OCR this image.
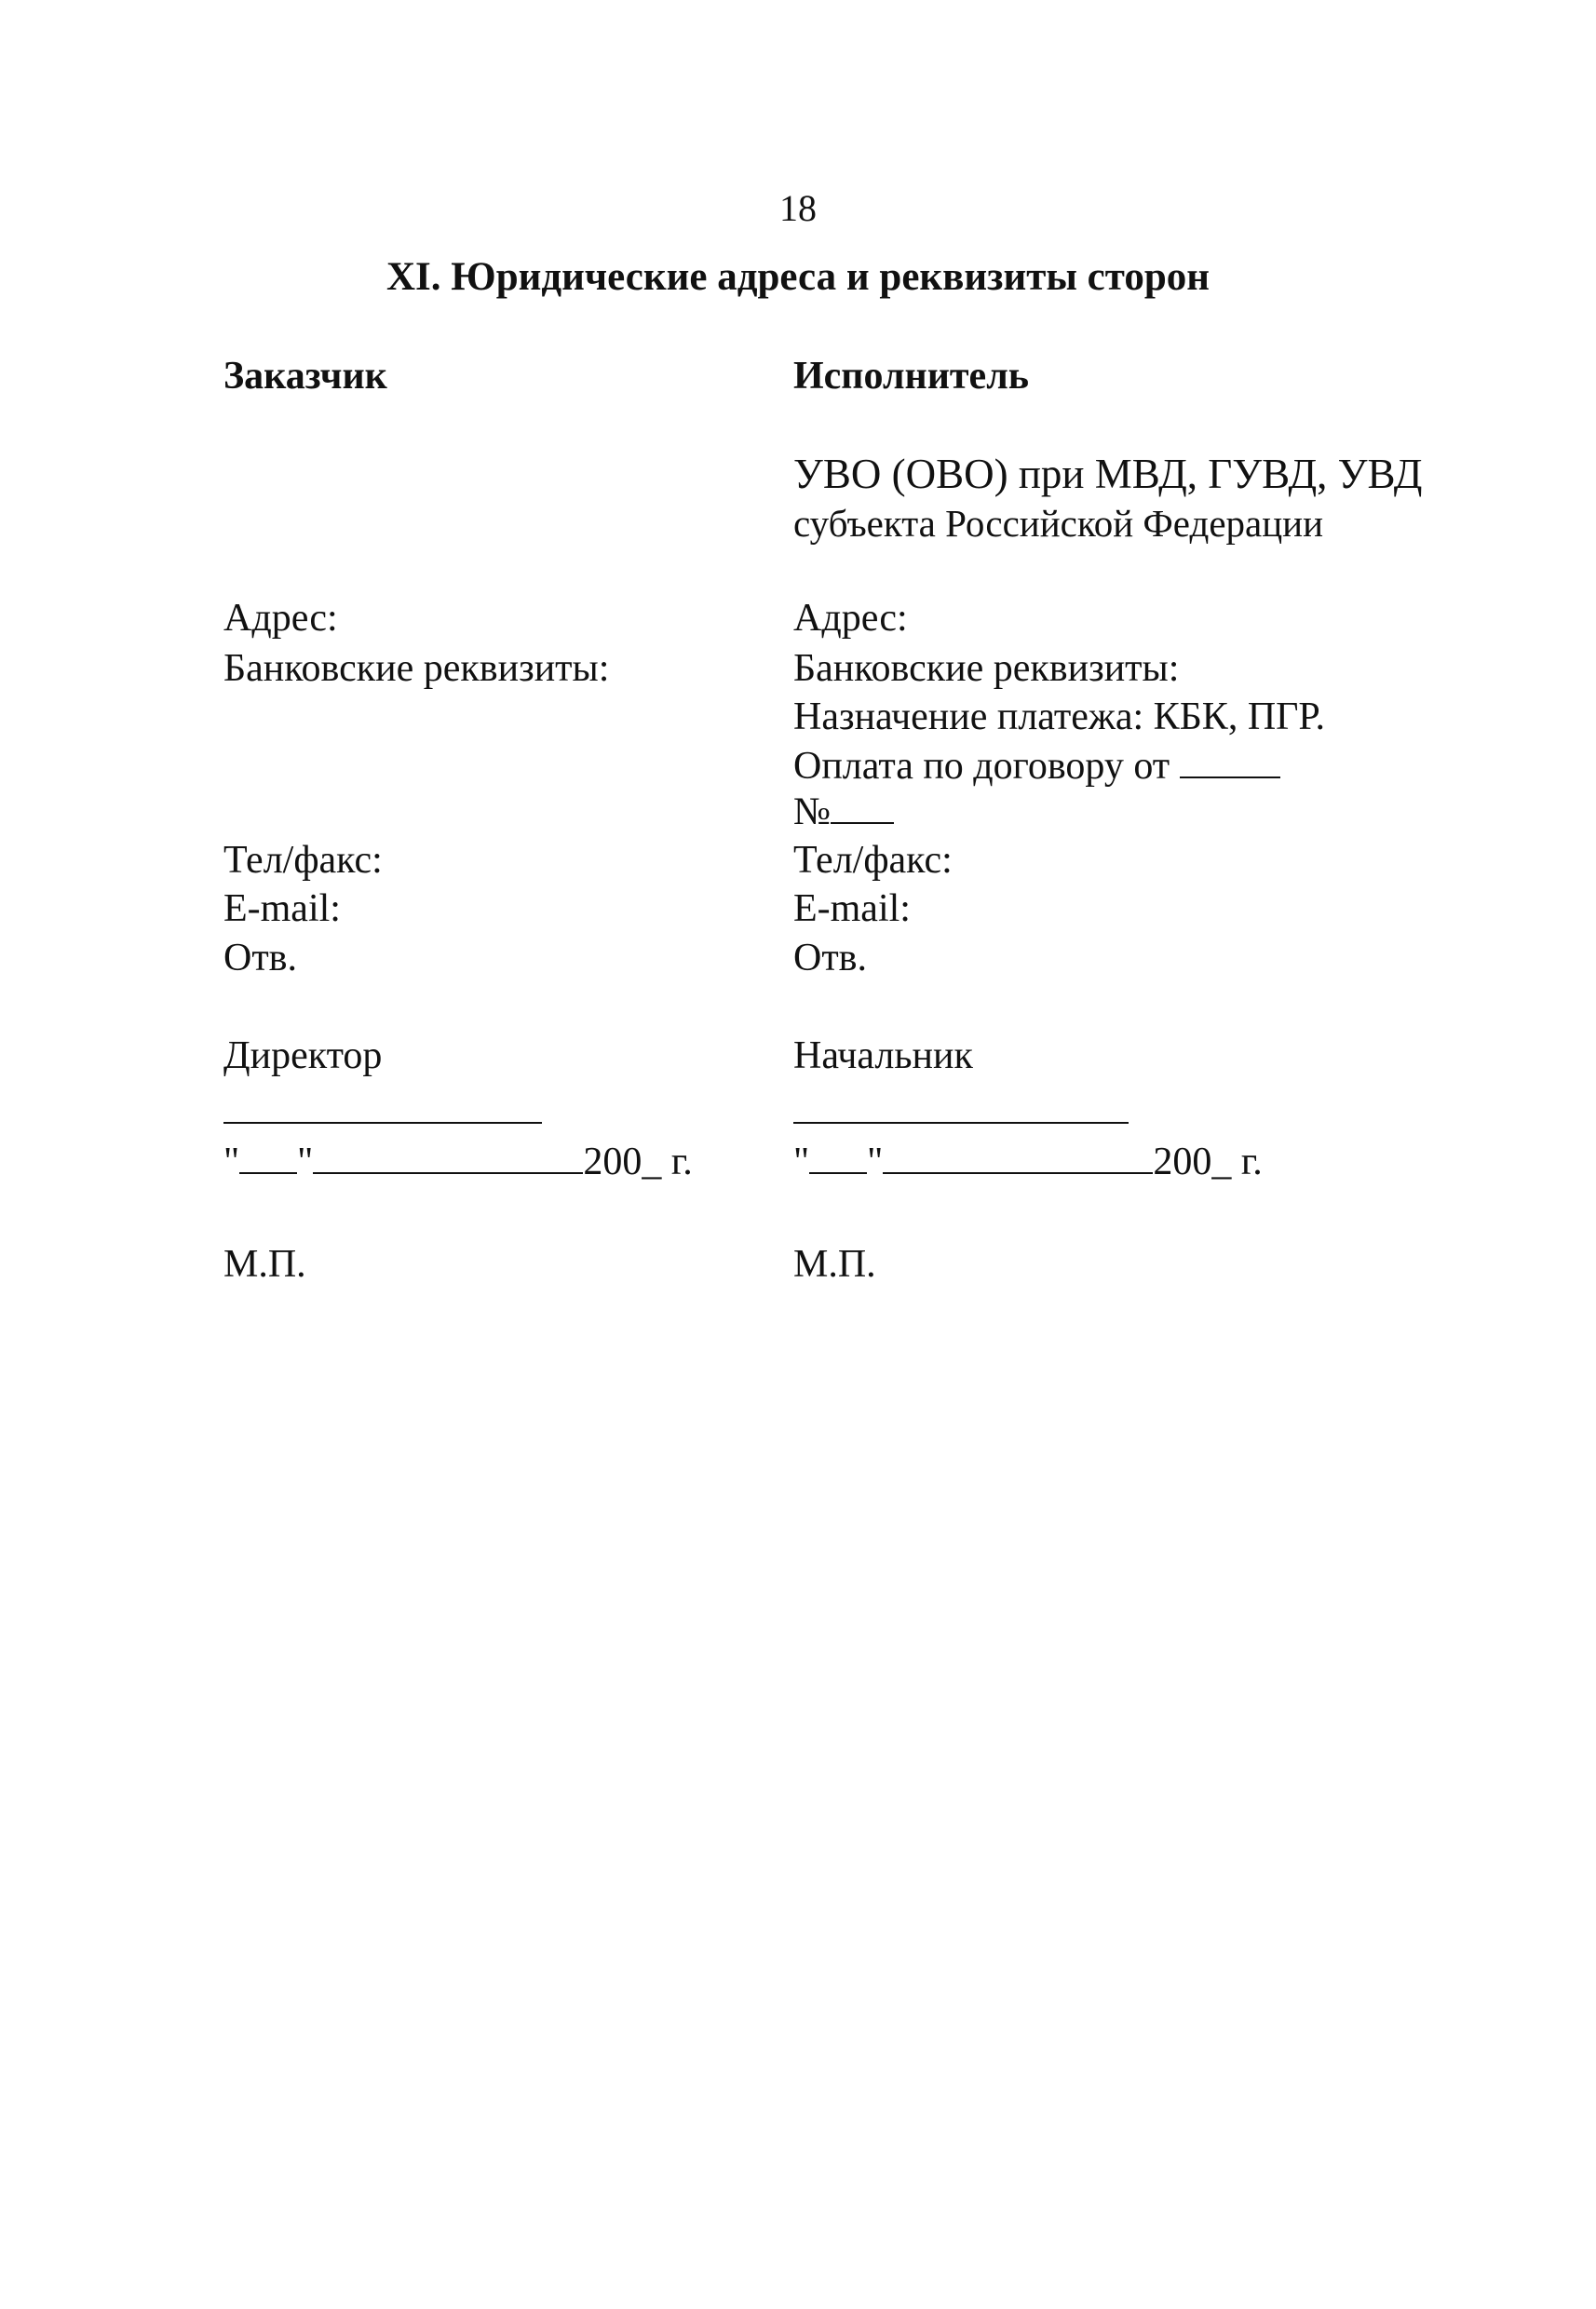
18
XI. Юридические адреса и реквизиты сторон
Заказчик
Адрес:
Банковские реквизиты:
Тел/факс:
E-mail:
Отв.
Директор
" "	200_ г.
М.П.
Исполнитель
УВО (ОВО) при МВД, ГУВД, УВД
субъекта Российской Федерации
Адрес:
Банковские реквизиты:
Назначение платежа: КБК, ПГР.
Оплата по договору от
№
Тел/факс:
E-mail:
Отв.
Начальник
" "	200_ г.
М.П.
